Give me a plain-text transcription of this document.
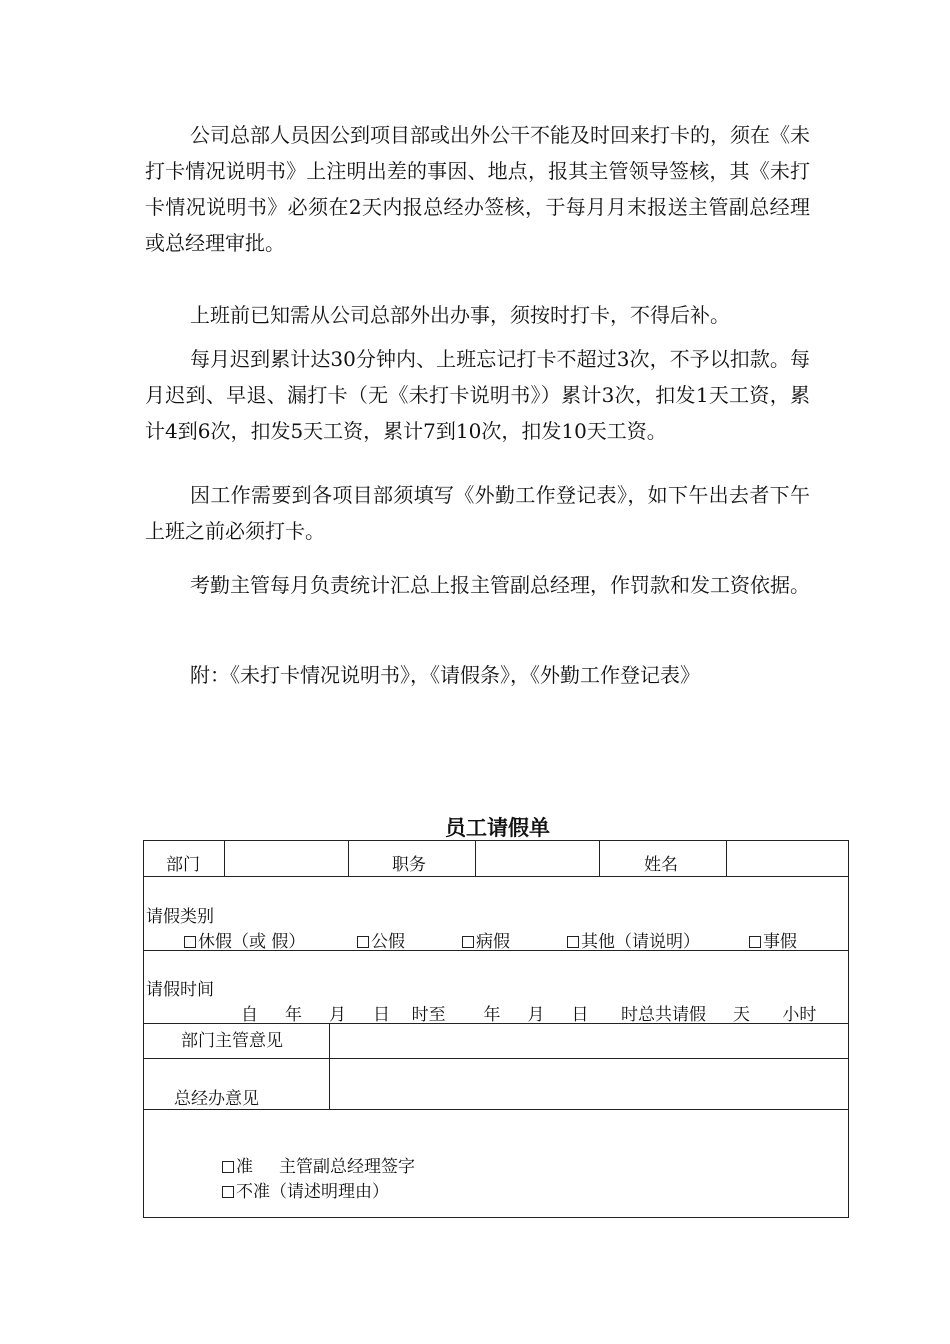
公司总部人员因公到项目部或出外公干不能及时回来打卡的，须在《未打卡情况说明书》上注明出差的事因、地点，报其主管领导签核，其《未打卡情况说明书》必须在2天内报总经办签核，于每月月末报送主管副总经理或总经理审批。

上班前已知需从公司总部外出办事，须按时打卡，不得后补。

每月迟到累计达30分钟内、上班忘记打卡不超过3次，不予以扣款。每月迟到、早退、漏打卡（无《未打卡说明书》）累计3次，扣发1天工资，累计4到6次，扣发5天工资，累计7到10次，扣发10天工资。

因工作需要到各项目部须填写《外勤工作登记表》，如下午出去者下午上班之前必须打卡。

考勤主管每月负责统计汇总上报主管副总经理，作罚款和发工资依据。

附：《未打卡情况说明书》，《请假条》，《外勤工作登记表》

员工请假单
部门	职务	姓名
请假类别
休假（或 假）	公假	病假	其他（请说明）	事假
请假时间
自     年     月     日    时至       年     月     日      时总共请假     天      小时
部门主管意见
总经办意见
准 主管副总经理签字
不准（请述明理由）
